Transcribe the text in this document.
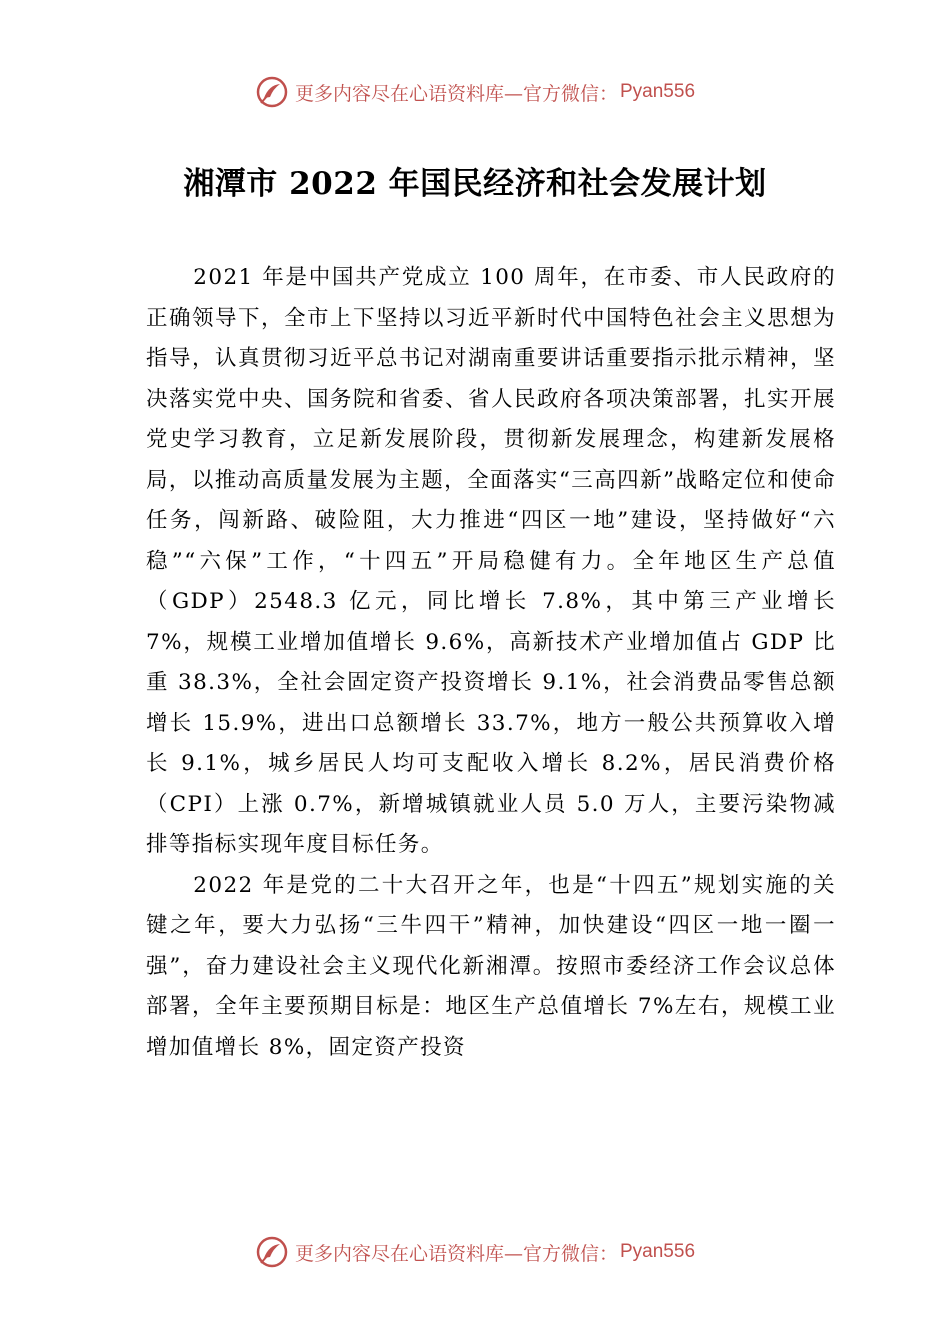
更多内容尽在心语资料库—官方微信： Pyan556
湘潭市 2022 年国民经济和社会发展计划

2021 年是中国共产党成立 100 周年，在市委、市人民政府的正确领导下，全市上下坚持以习近平新时代中国特色社会主义思想为指导，认真贯彻习近平总书记对湖南重要讲话重要指示批示精神，坚决落实党中央、国务院和省委、省人民政府各项决策部署，扎实开展党史学习教育，立足新发展阶段，贯彻新发展理念，构建新发展格局，以推动高质量发展为主题，全面落实“三高四新”战略定位和使命任务，闯新路、破险阻，大力推进“四区一地”建设，坚持做好“六稳”“六保”工作，“十四五”开局稳健有力。全年地区生产总值（GDP）2548.3 亿元，同比增长 7.8%，其中第三产业增长 7%，规模工业增加值增长 9.6%，高新技术产业增加值占 GDP 比重 38.3%，全社会固定资产投资增长 9.1%，社会消费品零售总额增长 15.9%，进出口总额增长 33.7%，地方一般公共预算收入增长 9.1%，城乡居民人均可支配收入增长 8.2%，居民消费价格（CPI）上涨 0.7%，新增城镇就业人员 5.0 万人，主要污染物减排等指标实现年度目标任务。

2022 年是党的二十大召开之年，也是“十四五”规划实施的关键之年，要大力弘扬“三牛四干”精神，加快建设“四区一地一圈一强”，奋力建设社会主义现代化新湘潭。按照市委经济工作会议总体部署，全年主要预期目标是：地区生产总值增长 7%左右，规模工业增加值增长 8%，固定资产投资

更多内容尽在心语资料库—官方微信： Pyan556
